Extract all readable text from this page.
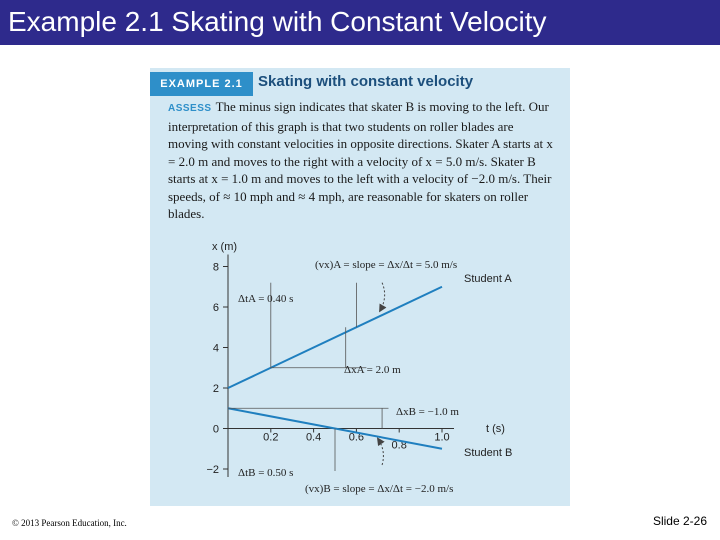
Example 2.1 Skating with Constant Velocity
EXAMPLE 2.1	Skating with constant velocity

ASSESS The minus sign indicates that skater B is moving to the left. Our interpretation of this graph is that two students on roller blades are moving with constant velocities in opposite directions. Skater A starts at x = 2.0 m and moves to the right with a velocity of x = 5.0 m/s. Skater B starts at x = 1.0 m and moves to the left with a velocity of −2.0 m/s. Their speeds, of ≈ 10 mph and ≈ 4 mph, are reasonable for skaters on roller blades.

8
6
4
2
0
−2
0.2	0.4	0.6
0.8
1.0
x (m)
t (s)
(vx)A = slope = Δx/Δt = 5.0 m/s
Student A
ΔtA = 0.40 s
ΔxA = 2.0 m
ΔxB = −1.0 m
Student B
ΔtB = 0.50 s
(vx)B = slope = Δx/Δt = −2.0 m/s
© 2013 Pearson Education, Inc.	Slide 2-26
